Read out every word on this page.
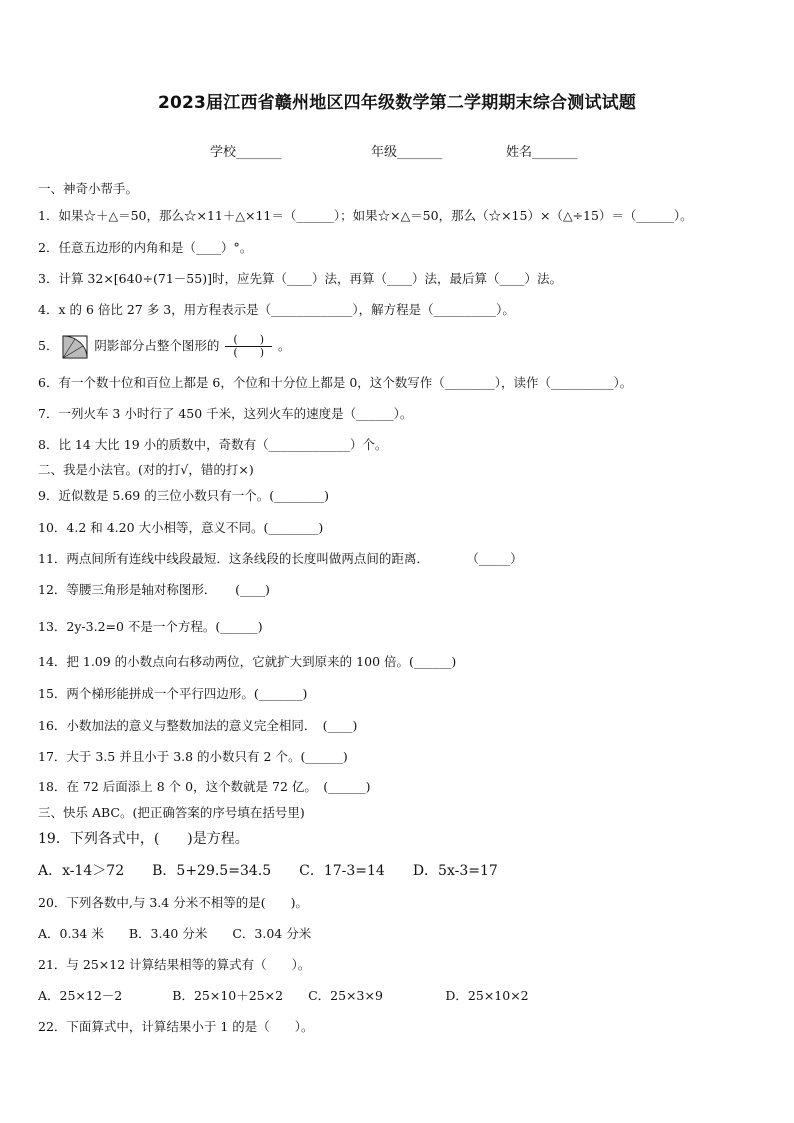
2023届江西省赣州地区四年级数学第二学期期末综合测试试题
学校_______	年级_______	姓名_______
一、神奇小帮手。
1．如果☆＋△＝50，那么☆×11＋△×11＝（______）；如果☆×△＝50，那么（☆×15）×（△÷15）＝（______）。
2．任意五边形的内角和是（____）°。
3．计算 32×[640÷(71－55)]时，应先算（____）法，再算（____）法，最后算（____）法。
4．x 的 6 倍比 27 多 3，用方程表示是（_____________），解方程是（__________）。
5．	阴影部分占整个图形的 $\frac{( )}{( )}$ 。
6．有一个数十位和百位上都是 6，个位和十分位上都是 0，这个数写作（________），读作（__________）。
7．一列火车 3 小时行了 450 千米，这列火车的速度是（______）。
8．比 14 大比 19 小的质数中，奇数有（_____________）个。
二、我是小法官。(对的打√，错的打×)
9．近似数是 5.69 的三位小数只有一个。(________)
10．4.2 和 4.20 大小相等，意义不同。(________)
11．两点间所有连线中线段最短．这条线段的长度叫做两点间的距离．　　　　（_____）
12．等腰三角形是轴对称图形．　　(____)
13．2y-3.2=0 不是一个方程。(______)
14．把 1.09 的小数点向右移动两位，它就扩大到原来的 100 倍。(______)
15．两个梯形能拼成一个平行四边形。(_______)
16．小数加法的意义与整数加法的意义完全相同．　(____)
17．大于 3.5 并且小于 3.8 的小数只有 2 个。(______)
18．在 72 后面添上 8 个 0，这个数就是 72 亿。　(______)
三、快乐 ABC。(把正确答案的序号填在括号里)
19．下列各式中，(　　)是方程。
A．x-14＞72　　B．5+29.5=34.5　　C．17-3=14　　D．5x-3=17
20．下列各数中,与 3.4 分米不相等的是(　　)。
A．0.34 米　　B．3.40 分米　　C．3.04 分米
21．与 25×12 计算结果相等的算式有（　　）。
A．25×12－2　　　　B．25×10＋25×2　　C．25×3×9　　　　　D．25×10×2
22．下面算式中，计算结果小于 1 的是（　　）。
